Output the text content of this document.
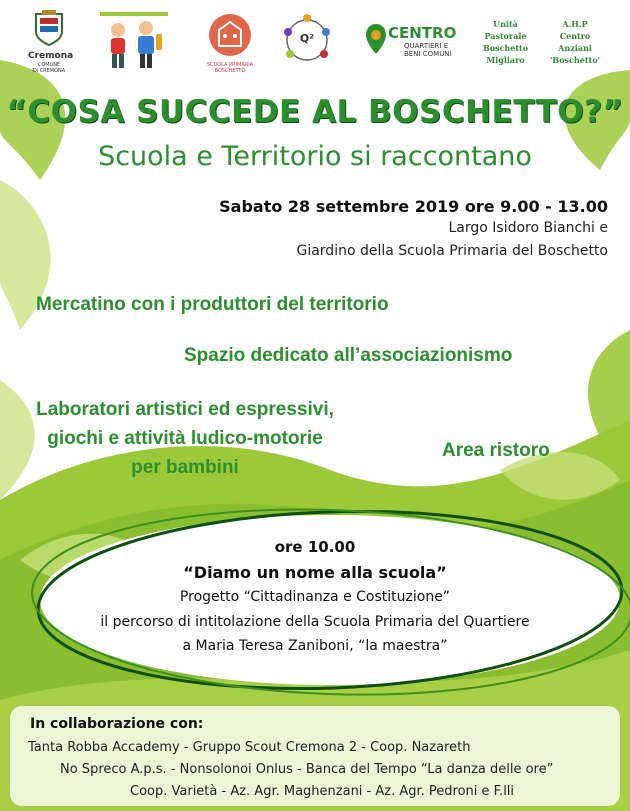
Cremona
COMUNE
DI CREMONA
SCUOLA PRIMARIA
BOSCHETTO
Q²	CENTRO
QUARTIERI E
BENI COMUNI
Unità
Pastorale
Boschetto
Migliaro
A.H.P
Centro
Anziani
'Boschetto'
“COSA SUCCEDE AL BOSCHETTO?”
Scuola e Territorio si raccontano
Sabato 28 settembre 2019 ore 9.00 - 13.00
Largo Isidoro Bianchi e
Giardino della Scuola Primaria del Boschetto
Mercatino con i produttori del territorio
Spazio dedicato all’associazionismo
Laboratori artistici ed espressivi,
giochi e attività ludico-motorie
per bambini
Area ristoro
ore 10.00
“Diamo un nome alla scuola”
Progetto “Cittadinanza e Costituzione”
il percorso di intitolazione della Scuola Primaria del Quartiere
a Maria Teresa Zaniboni, “la maestra”
In collaborazione con:
Tanta Robba Accademy - Gruppo Scout Cremona 2 - Coop. Nazareth
No Spreco A.p.s. - Nonsolonoi Onlus - Banca del Tempo “La danza delle ore”
Coop. Varietà - Az. Agr. Maghenzani - Az. Agr. Pedroni e F.lli
